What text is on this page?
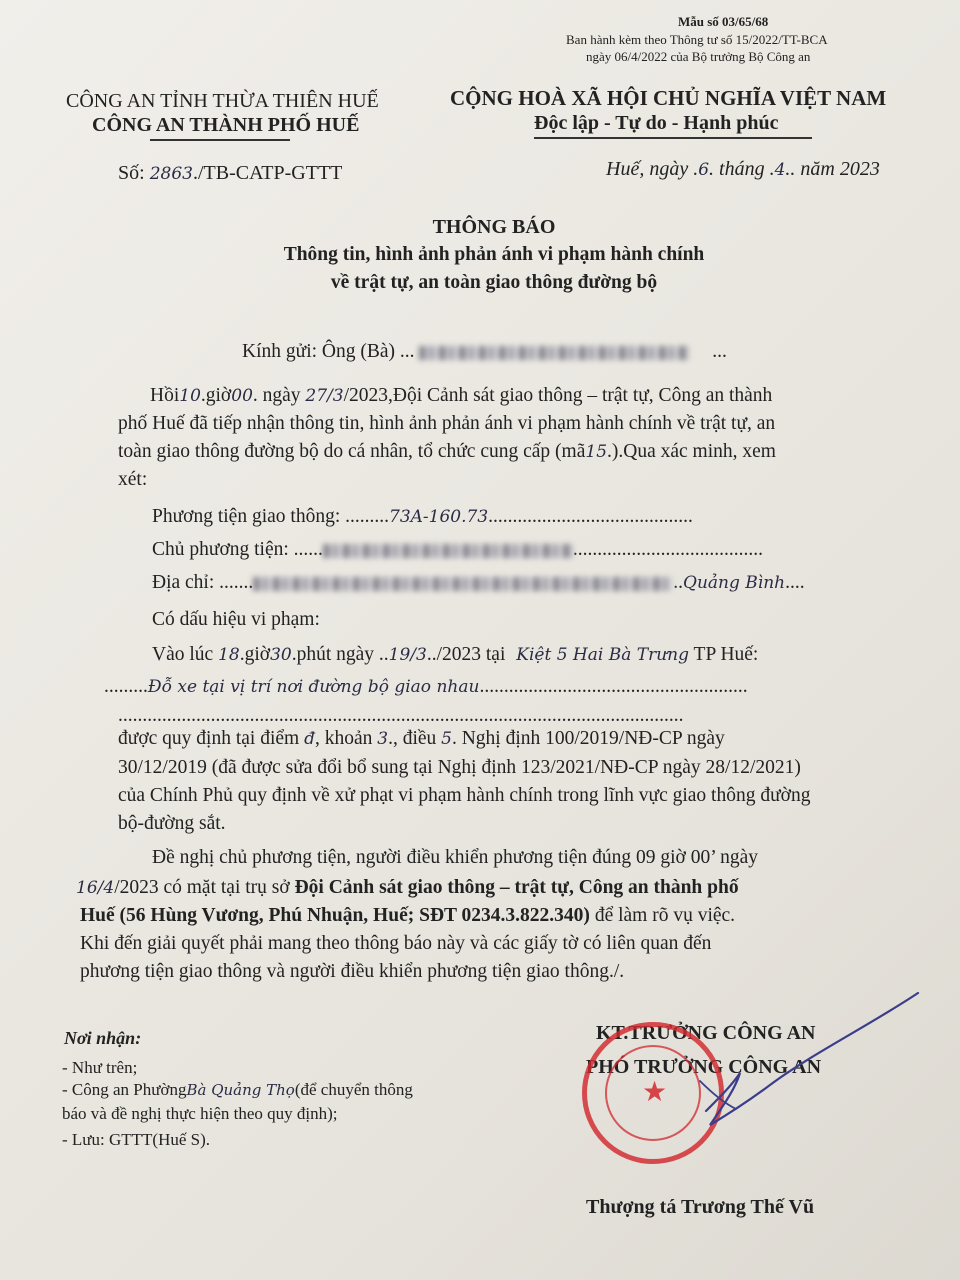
Mẫu số 03/65/68
Ban hành kèm theo Thông tư số 15/2022/TT-BCA
ngày 06/4/2022 của Bộ trưởng Bộ Công an
CÔNG AN TỈNH THỪA THIÊN HUẾ
CÔNG AN THÀNH PHỐ HUẾ
CỘNG HOÀ XÃ HỘI CHỦ NGHĨA VIỆT NAM
Độc lập - Tự do - Hạnh phúc
Số: 2863./TB-CATP-GTTT	Huế, ngày .6. tháng .4.. năm 2023
THÔNG BÁO
Thông tin, hình ảnh phản ánh vi phạm hành chính
về trật tự, an toàn giao thông đường bộ
Kính gửi: Ông (Bà) ...	...
Hồi10.giờ00. ngày 27/3/2023,Đội Cảnh sát giao thông – trật tự, Công an thành
phố Huế đã tiếp nhận thông tin, hình ảnh phản ánh vi phạm hành chính về trật tự, an
toàn giao thông đường bộ do cá nhân, tổ chức cung cấp (mã15.).Qua xác minh, xem
xét:
Phương tiện giao thông: .........73A-160.73..........................................
Chủ phương tiện: ......	.......................................
Địa chỉ: .......	..Quảng Bình....
Có dấu hiệu vi phạm:
Vào lúc 18.giờ30.phút ngày ..19/3../2023 tại Kiệt 5 Hai Bà Trưng TP Huế:
.........Đỗ xe tại vị trí nơi đường bộ giao nhau.......................................................
....................................................................................................................
được quy định tại điểm đ, khoản 3., điều 5. Nghị định 100/2019/NĐ-CP ngày
30/12/2019 (đã được sửa đổi bổ sung tại Nghị định 123/2021/NĐ-CP ngày 28/12/2021)
của Chính Phủ quy định về xử phạt vi phạm hành chính trong lĩnh vực giao thông đường
bộ-đường sắt.
Đề nghị chủ phương tiện, người điều khiển phương tiện đúng 09 giờ 00’ ngày
16/4/2023 có mặt tại trụ sở Đội Cảnh sát giao thông – trật tự, Công an thành phố
Huế (56 Hùng Vương, Phú Nhuận, Huế; SĐT 0234.3.822.340) để làm rõ vụ việc.
Khi đến giải quyết phải mang theo thông báo này và các giấy tờ có liên quan đến
phương tiện giao thông và người điều khiển phương tiện giao thông./.
Nơi nhận:
- Như trên;
- Công an PhườngBà Quảng Thọ(để chuyển thông
báo và đề nghị thực hiện theo quy định);
- Lưu: GTTT(Huế S).
KT.TRƯỞNG CÔNG AN
PHÓ TRƯỞNG CÔNG AN
★
Thượng tá Trương Thế Vũ
